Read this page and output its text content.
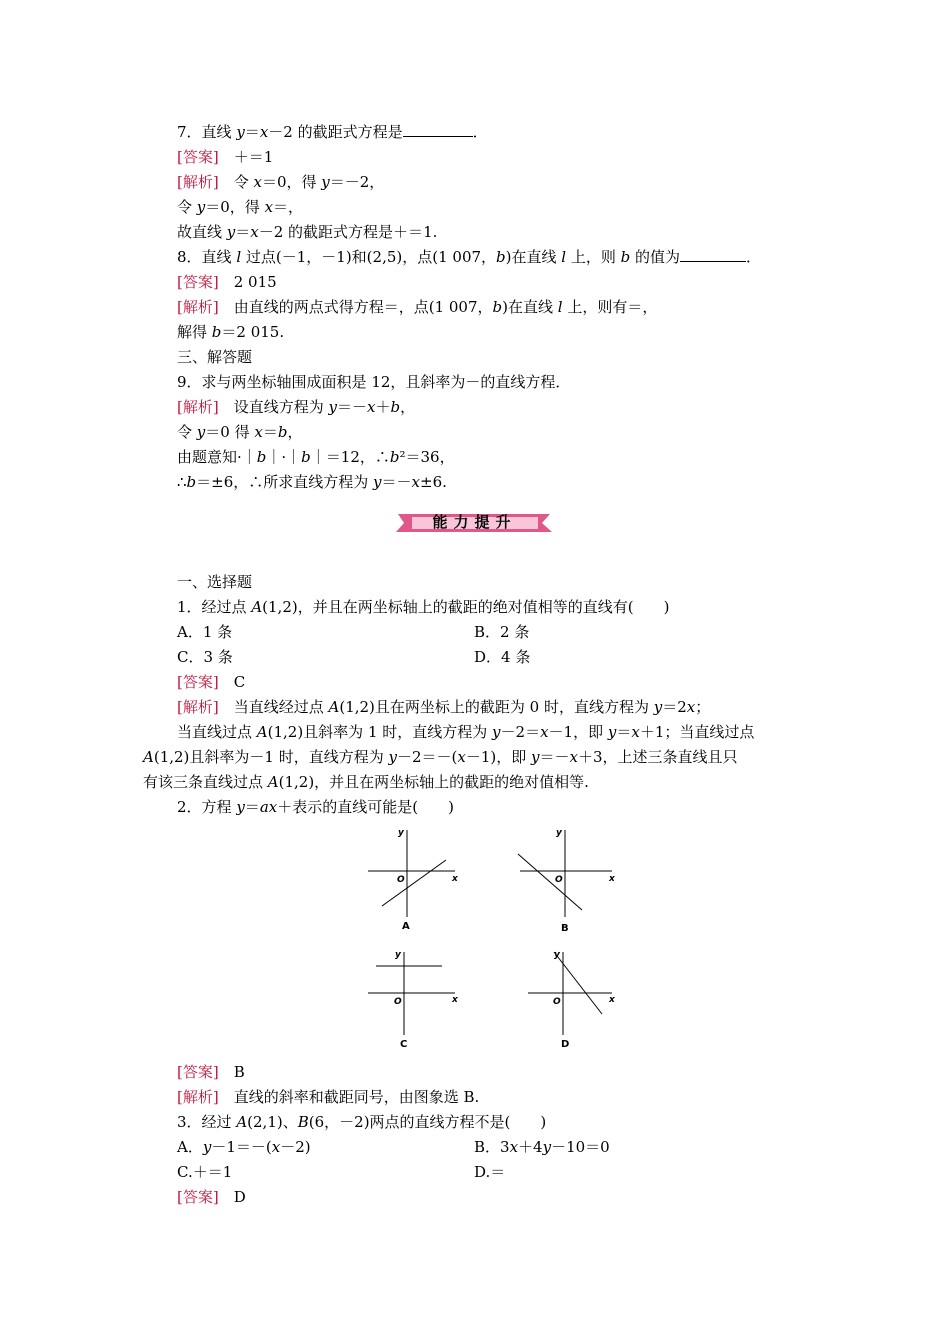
7．直线 y＝x－2 的截距式方程是	．
[答案]　＋＝1
[解析]　令 x＝0，得 y＝－2，
令 y＝0，得 x＝，
故直线 y＝x－2 的截距式方程是＋＝1.
8．直线 l 过点(－1，－1)和(2,5)，点(1 007，b)在直线 l 上，则 b 的值为	．
[答案]　2 015
[解析]　由直线的两点式得方程＝，点(1 007，b)在直线 l 上，则有＝，
解得 b＝2 015.
三、解答题
9．求与两坐标轴围成面积是 12，且斜率为－的直线方程．
[解析]　设直线方程为 y＝－x＋b，
令 y＝0 得 x＝b，
由题意知·｜b｜·｜b｜＝12，∴b²＝36，
∴b＝±6，∴所求直线方程为 y＝－x±6.
能力提升
一、选择题
1．经过点 A(1,2)，并且在两坐标轴上的截距的绝对值相等的直线有(　　)
A．1 条	B．2 条
C．3 条	D．4 条
[答案]　C
[解析]　当直线经过点 A(1,2)且在两坐标上的截距为 0 时，直线方程为 y＝2x；
当直线过点 A(1,2)且斜率为 1 时，直线方程为 y－2＝x－1，即 y＝x＋1；当直线过点
A(1,2)且斜率为－1 时，直线方程为 y－2＝－(x－1)，即 y＝－x＋3，上述三条直线且只
有该三条直线过点 A(1,2)，并且在两坐标轴上的截距的绝对值相等.
2．方程 y＝ax＋表示的直线可能是(　　)
y
x
O
y
x
O
y
x
O
y
x
O
A	B
C	D
[答案]　B
[解析]　直线的斜率和截距同号，由图象选 B.
3．经过 A(2,1)、B(6，－2)两点的直线方程不是(　　)
A．y－1＝－(x－2)	B．3x＋4y－10＝0
C.＋＝1	D.＝
[答案]　D
